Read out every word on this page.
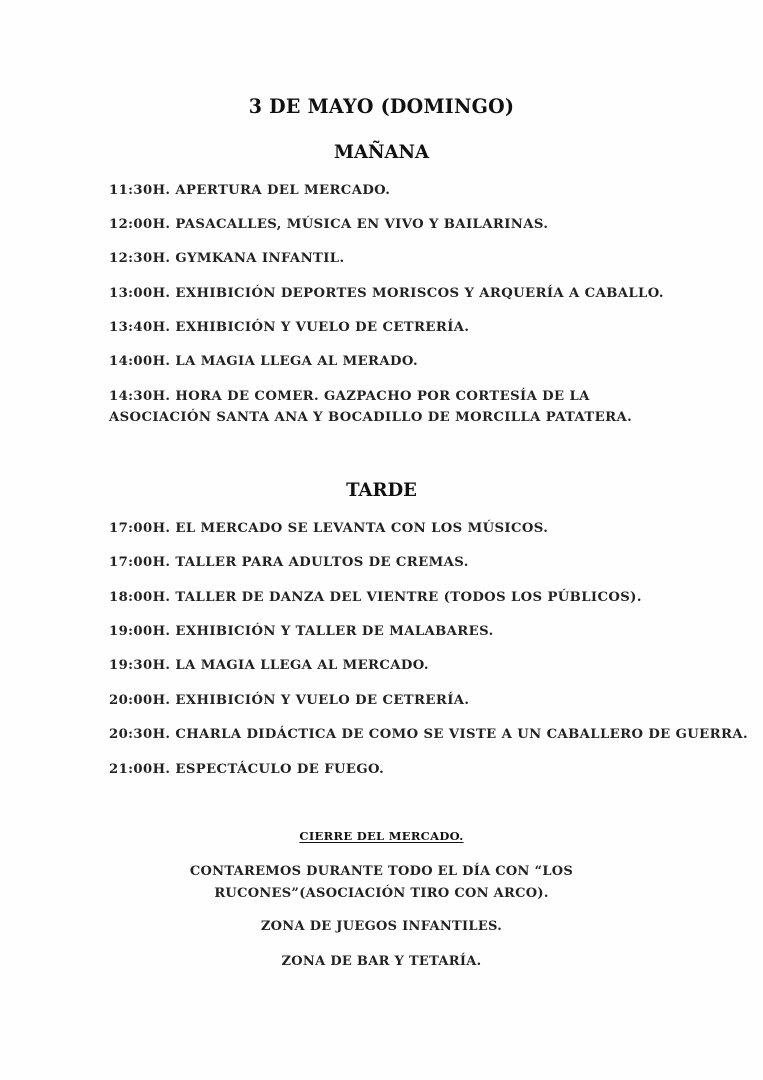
3 DE MAYO (DOMINGO)
MAÑANA
11:30H. APERTURA DEL MERCADO.
12:00H. PASACALLES, MÚSICA EN VIVO Y BAILARINAS.
12:30H. GYMKANA INFANTIL.
13:00H. EXHIBICIÓN DEPORTES MORISCOS Y ARQUERÍA A CABALLO.
13:40H. EXHIBICIÓN Y VUELO DE CETRERÍA.
14:00H. LA MAGIA LLEGA AL MERADO.
14:30H. HORA DE COMER. GAZPACHO POR CORTESÍA DE LA ASOCIACIÓN SANTA ANA Y BOCADILLO DE MORCILLA PATATERA.
TARDE
17:00H. EL MERCADO SE LEVANTA CON LOS MÚSICOS.
17:00H. TALLER PARA ADULTOS DE CREMAS.
18:00H. TALLER DE DANZA DEL VIENTRE (TODOS LOS PÚBLICOS).
19:00H. EXHIBICIÓN Y TALLER DE MALABARES.
19:30H. LA MAGIA LLEGA AL MERCADO.
20:00H. EXHIBICIÓN Y VUELO DE CETRERÍA.
20:30H. CHARLA DIDÁCTICA DE COMO SE VISTE A UN CABALLERO DE GUERRA.
21:00H. ESPECTÁCULO DE FUEGO.
CIERRE DEL MERCADO.
CONTAREMOS DURANTE TODO EL DÍA CON “LOS RUCONES”(ASOCIACIÓN TIRO CON ARCO).
ZONA DE JUEGOS INFANTILES.
ZONA DE BAR Y TETARÍA.
